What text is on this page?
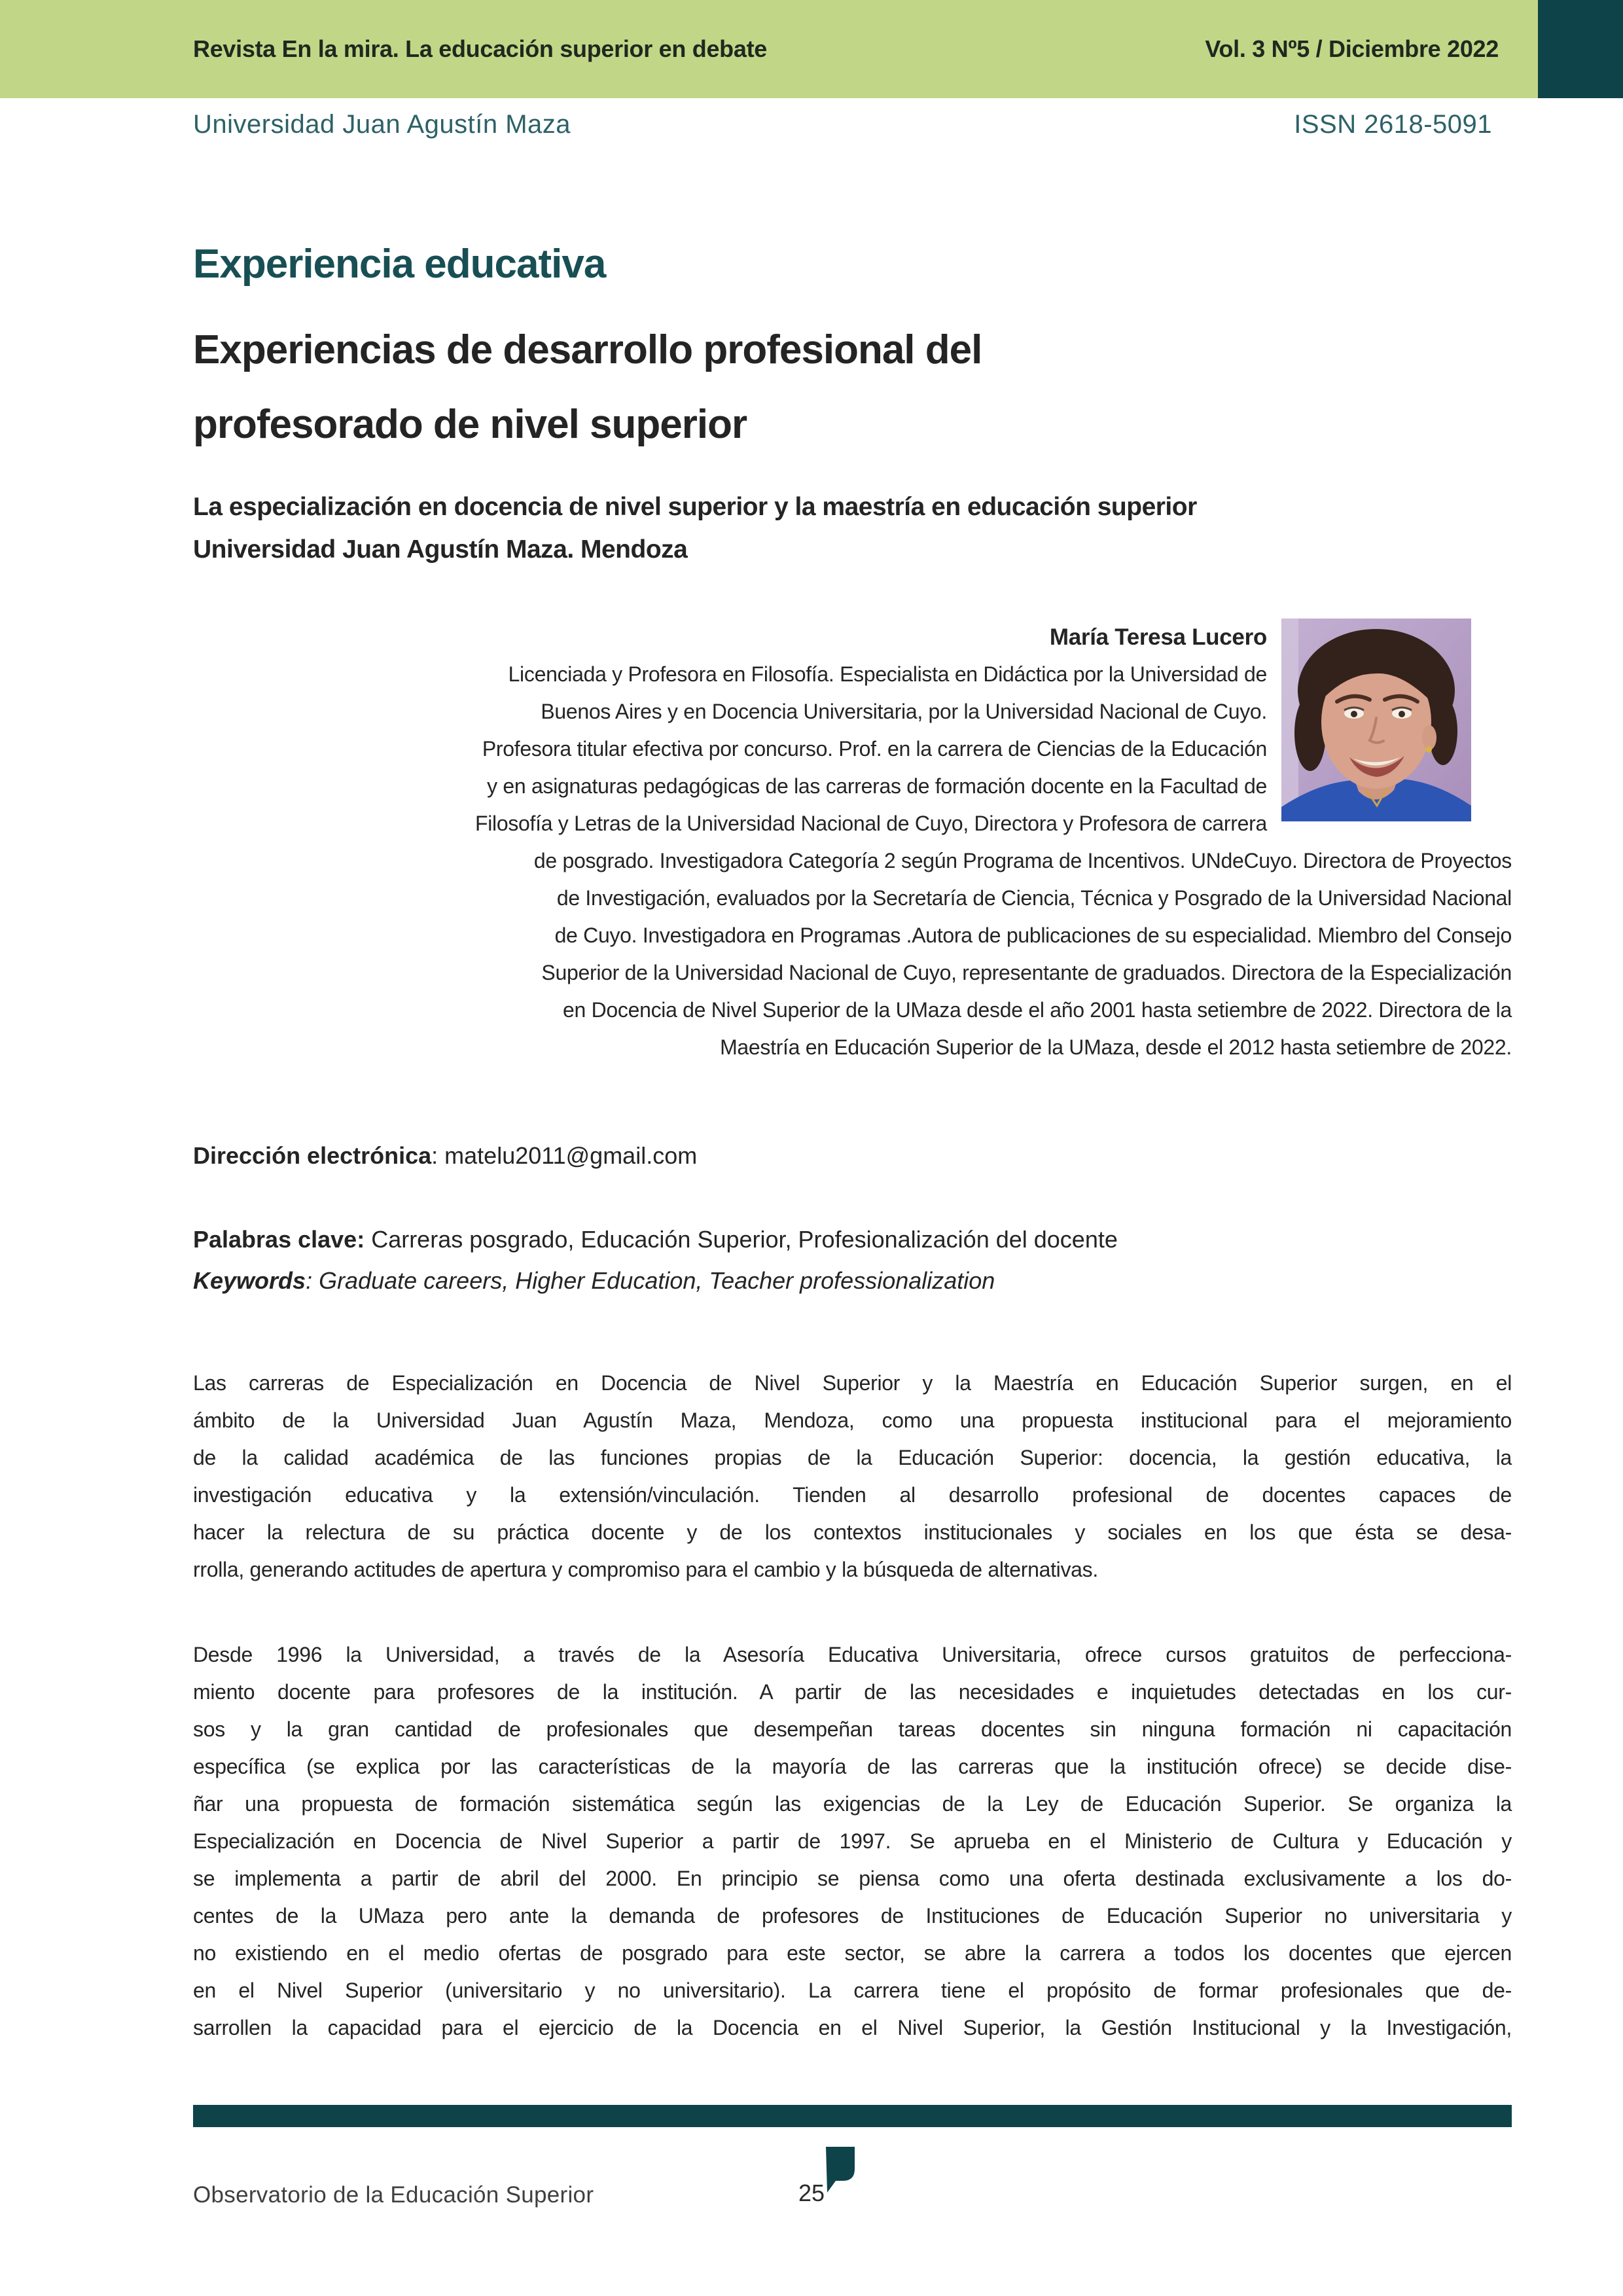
Revista En la mira. La educación superior en debate	Vol. 3 Nº5 / Diciembre 2022
Universidad Juan Agustín Maza	ISSN 2618-5091
Experiencia educativa
Experiencias de desarrollo profesional del
profesorado de nivel superior
La especialización en docencia de nivel superior y la maestría en educación superior
Universidad Juan Agustín Maza. Mendoza
María Teresa Lucero
Licenciada y Profesora en Filosofía. Especialista en Didáctica por la Universidad de
Buenos Aires y en Docencia Universitaria, por la Universidad Nacional de Cuyo.
Profesora titular efectiva por concurso. Prof. en la carrera de Ciencias de la Educación
y en asignaturas pedagógicas de las carreras de formación docente en la Facultad de
Filosofía y Letras de la Universidad Nacional de Cuyo, Directora y Profesora de carrera
de posgrado. Investigadora Categoría 2 según Programa de Incentivos. UNdeCuyo. Directora de Proyectos
de Investigación, evaluados por la Secretaría de Ciencia, Técnica y Posgrado de la Universidad Nacional
de Cuyo. Investigadora en Programas .Autora de publicaciones de su especialidad. Miembro del Consejo
Superior de la Universidad Nacional de Cuyo, representante de graduados. Directora de la Especialización
en Docencia de Nivel Superior de la UMaza desde el año 2001 hasta setiembre de 2022. Directora de la
Maestría en Educación Superior de la UMaza, desde el 2012 hasta setiembre de 2022.
Dirección electrónica: matelu2011@gmail.com
Palabras clave: Carreras posgrado, Educación Superior, Profesionalización del docente
Keywords: Graduate careers, Higher Education, Teacher professionalization
Las carreras de Especialización en Docencia de Nivel Superior y la Maestría en Educación Superior surgen, en el
ámbito de la Universidad Juan Agustín Maza, Mendoza, como una propuesta institucional para el mejoramiento
de la calidad académica de las funciones propias de la Educación Superior: docencia, la gestión educativa, la
investigación educativa y la extensión/vinculación. Tienden al desarrollo profesional de docentes capaces de
hacer la relectura de su práctica docente y de los contextos institucionales y sociales en los que ésta se desa-
rrolla, generando actitudes de apertura y compromiso para el cambio y la búsqueda de alternativas.
Desde 1996 la Universidad, a través de la Asesoría Educativa Universitaria, ofrece cursos gratuitos de perfecciona-
miento docente para profesores de la institución. A partir de las necesidades e inquietudes detectadas en los cur-
sos y la gran cantidad de profesionales que desempeñan tareas docentes sin ninguna formación ni capacitación
específica (se explica por las características de la mayoría de las carreras que la institución ofrece) se decide dise-
ñar una propuesta de formación sistemática según las exigencias de la Ley de Educación Superior. Se organiza la
Especialización en Docencia de Nivel Superior a partir de 1997. Se aprueba en el Ministerio de Cultura y Educación y
se implementa a partir de abril del 2000. En principio se piensa como una oferta destinada exclusivamente a los do-
centes de la UMaza pero ante la demanda de profesores de Instituciones de Educación Superior no universitaria y
no existiendo en el medio ofertas de posgrado para este sector, se abre la carrera a todos los docentes que ejercen
en el Nivel Superior (universitario y no universitario). La carrera tiene el propósito de formar profesionales que de-
sarrollen la capacidad para el ejercicio de la Docencia en el Nivel Superior, la Gestión Institucional y la Investigación,
25
Observatorio de la Educación Superior
